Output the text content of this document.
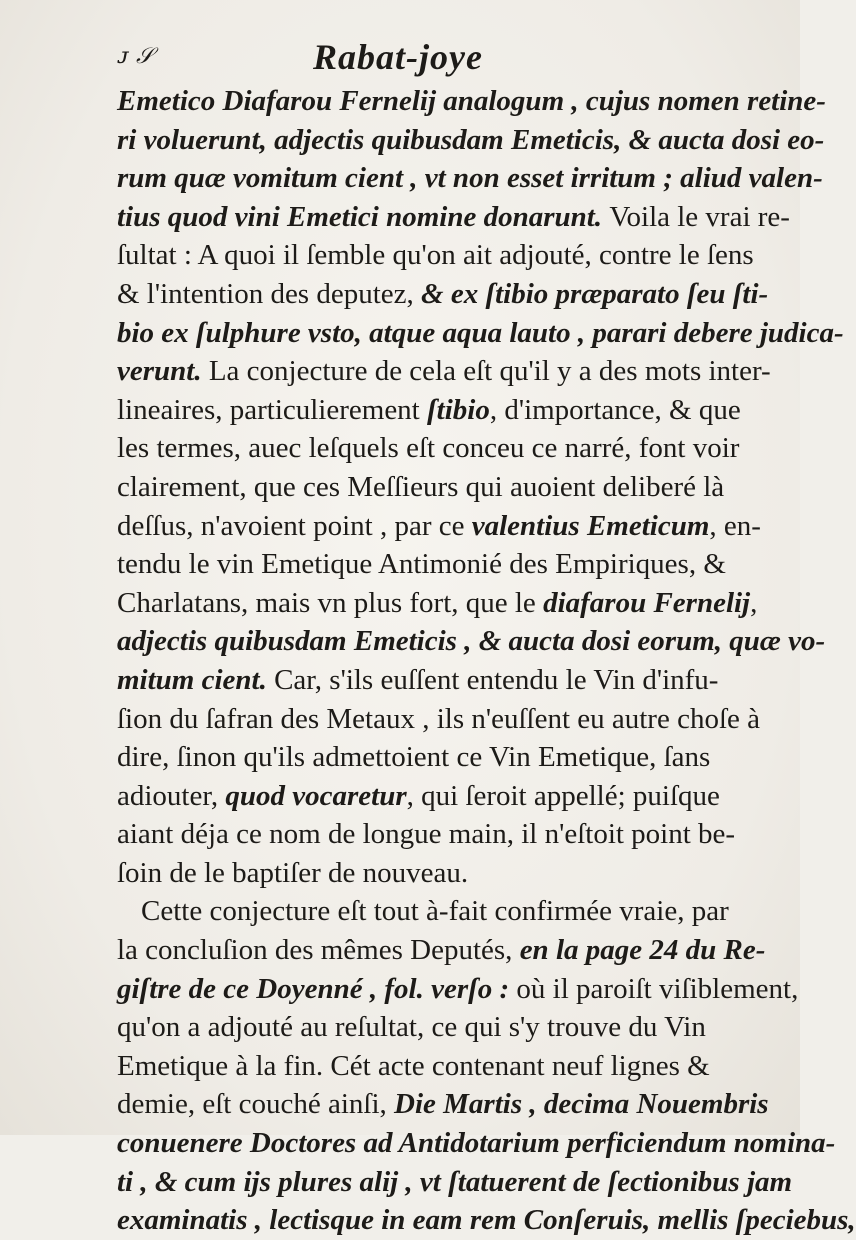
ᴊ 𝒮	Rabat-joye
Emetico Diafarou Fernelij analogum , cujus nomen retine-
ri voluerunt, adjectis quibusdam Emeticis, & aucta dosi eo-
rum quæ vomitum cient , vt non esset irritum ; aliud valen-
tius quod vini Emetici nomine donarunt. Voila le vrai re-
ſultat : A quoi il ſemble qu'on ait adjouté, contre le ſens
& l'intention des deputez, & ex ſtibio præparato ſeu ſti-
bio ex ſulphure vsto, atque aqua lauto , parari debere judica-
verunt. La conjecture de cela eſt qu'il y a des mots inter-
lineaires, particulierement ſtibio, d'importance, & que
les termes, auec leſquels eſt conceu ce narré, font voir
clairement, que ces Meſſieurs qui auoient deliberé là
deſſus, n'avoient point , par ce valentius Emeticum, en-
tendu le vin Emetique Antimonié des Empiriques, &
Charlatans, mais vn plus fort, que le diafarou Fernelij,
adjectis quibusdam Emeticis , & aucta dosi eorum, quæ vo-
mitum cient. Car, s'ils euſſent entendu le Vin d'infu-
ſion du ſafran des Metaux , ils n'euſſent eu autre choſe à
dire, ſinon qu'ils admettoient ce Vin Emetique, ſans
adiouter, quod vocaretur, qui ſeroit appellé; puiſque
aiant déja ce nom de longue main, il n'eſtoit point be-
ſoin de le baptiſer de nouveau.
Cette conjecture eſt tout à-fait confirmée vraie, par
la concluſion des mêmes Deputés, en la page 24 du Re-
giſtre de ce Doyenné , fol. verſo : où il paroiſt viſiblement,
qu'on a adjouté au reſultat, ce qui s'y trouve du Vin
Emetique à la fin. Cét acte contenant neuf lignes &
demie, eſt couché ainſi, Die Martis , decima Nouembris
conuenere Doctores ad Antidotarium perficiendum nomina-
ti , & cum ijs plures alij , vt ſtatuerent de ſectionibus jam
examinatis , lectisque in eam rem Conſeruis, mellis ſpeciebus,
